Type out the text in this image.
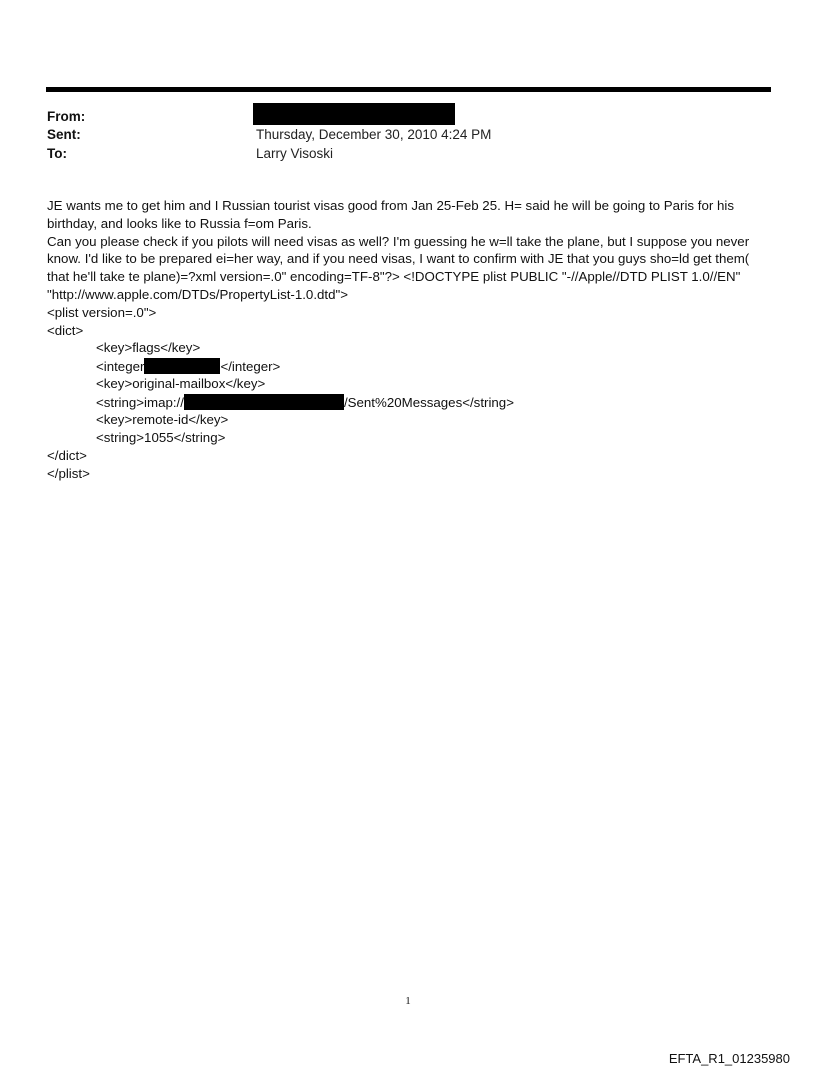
From:
Sent:	Thursday, December 30, 2010 4:24 PM
To:	Larry Visoski
JE wants me to get him and I Russian tourist visas good from Jan 25-Feb 25. H= said he will be going to Paris for his
birthday, and looks like to Russia f=om Paris.
Can you please check if you pilots will need visas as well? I'm guessing he w=ll take the plane, but I suppose you never
know. I'd like to be prepared ei=her way, and if you need visas, I want to confirm with JE that you guys sho=ld get them(
that he'll take te plane)=?xml version=.0" encoding=TF-8"?> <!DOCTYPE plist PUBLIC "-//Apple//DTD PLIST 1.0//EN"
"http://www.apple.com/DTDs/PropertyList-1.0.dtd">
<plist version=.0">
<dict>
<key>flags</key>
<integer	</integer>
<key>original-mailbox</key>
<string>imap://	/Sent%20Messages</string>
<key>remote-id</key>
<string>1055</string>
</dict>
</plist>
1
EFTA_R1_01235980
